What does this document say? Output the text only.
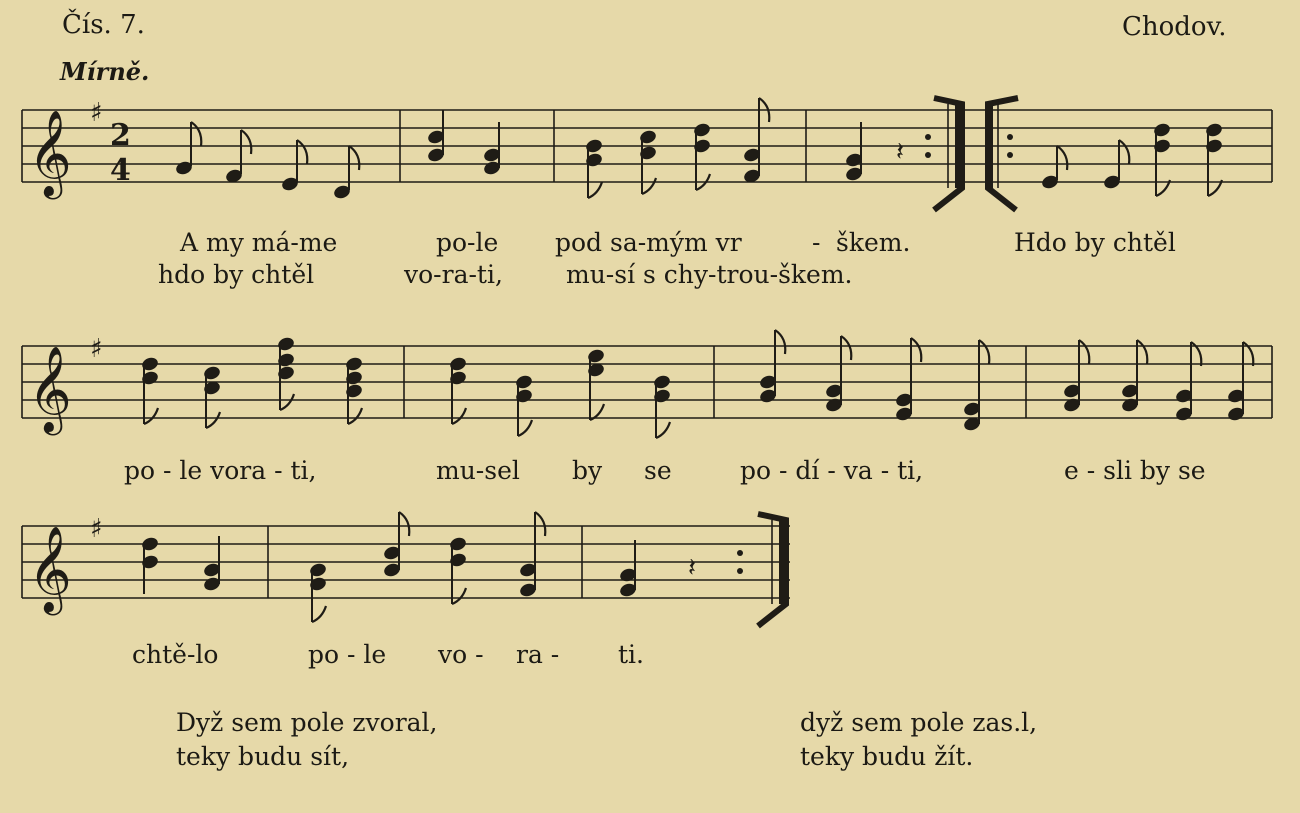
Čís. 7.	Chodov.
Mírně.
𝄞 ♯
2
4
𝄽
𝄞 ♯
𝄞 ♯
𝄽
A my má-me	po-le pod sa-mým vr	- škem.	Hdo by chtěl
hdo by chtěl	vo-ra-ti,	mu-sí s chy-trou-škem.
po - le vora - ti,	mu-sel by se	po - dí - va - ti,	e - sli by se
chtě-lo	po - le vo - ra - ti.
Dyž sem pole zvoral,
teky budu sít,
dyž sem pole zas.l,
teky budu žít.
